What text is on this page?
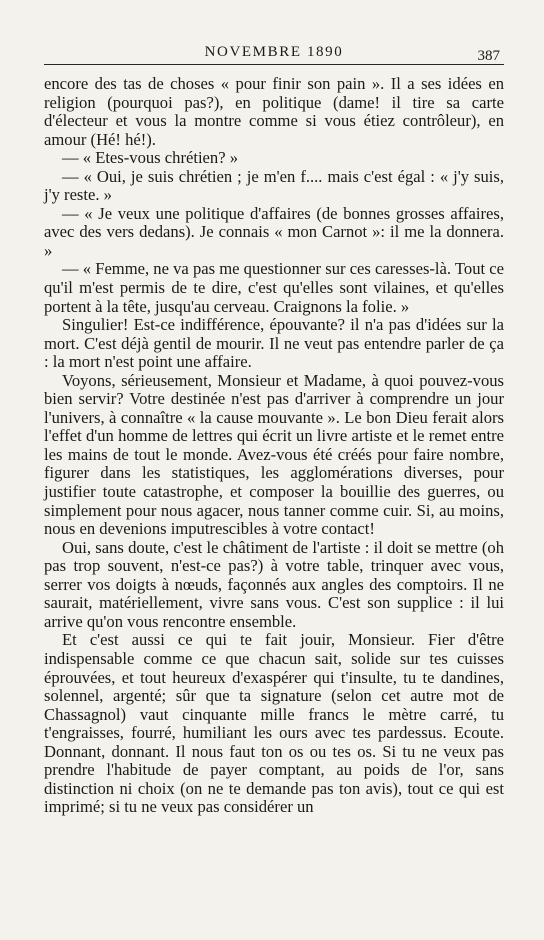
NOVEMBRE 1890	387

encore des tas de choses « pour finir son pain ». Il a ses idées en religion (pourquoi pas?), en politique (dame! il tire sa carte d'électeur et vous la montre comme si vous étiez contrôleur), en amour (Hé! hé!).

— « Etes-vous chrétien? »

— « Oui, je suis chrétien ; je m'en f.... mais c'est égal : « j'y suis, j'y reste. »

— « Je veux une politique d'affaires (de bonnes grosses affaires, avec des vers dedans). Je connais « mon Carnot »: il me la donnera. »

— « Femme, ne va pas me questionner sur ces caresses-là. Tout ce qu'il m'est permis de te dire, c'est qu'elles sont vilaines, et qu'elles portent à la tête, jusqu'au cerveau. Craignons la folie. »

Singulier! Est-ce indifférence, épouvante? il n'a pas d'idées sur la mort. C'est déjà gentil de mourir. Il ne veut pas entendre parler de ça : la mort n'est point une affaire.

Voyons, sérieusement, Monsieur et Madame, à quoi pouvez-vous bien servir? Votre destinée n'est pas d'arriver à comprendre un jour l'univers, à connaître « la cause mouvante ». Le bon Dieu ferait alors l'effet d'un homme de lettres qui écrit un livre artiste et le remet entre les mains de tout le monde. Avez-vous été créés pour faire nombre, figurer dans les statistiques, les agglomérations diverses, pour justifier toute catastrophe, et composer la bouillie des guerres, ou simplement pour nous agacer, nous tanner comme cuir. Si, au moins, nous en devenions imputrescibles à votre contact!

Oui, sans doute, c'est le châtiment de l'artiste : il doit se mettre (oh pas trop souvent, n'est-ce pas?) à votre table, trinquer avec vous, serrer vos doigts à nœuds, façonnés aux angles des comptoirs. Il ne saurait, matériellement, vivre sans vous. C'est son supplice : il lui arrive qu'on vous rencontre ensemble.

Et c'est aussi ce qui te fait jouir, Monsieur. Fier d'être indispensable comme ce que chacun sait, solide sur tes cuisses éprouvées, et tout heureux d'exaspérer qui t'insulte, tu te dandines, solennel, argenté; sûr que ta signature (selon cet autre mot de Chassagnol) vaut cinquante mille francs le mètre carré, tu t'engraisses, fourré, humiliant les ours avec tes pardessus. Ecoute. Donnant, donnant. Il nous faut ton os ou tes os. Si tu ne veux pas prendre l'habitude de payer comptant, au poids de l'or, sans distinction ni choix (on ne te demande pas ton avis), tout ce qui est imprimé; si tu ne veux pas considérer un
